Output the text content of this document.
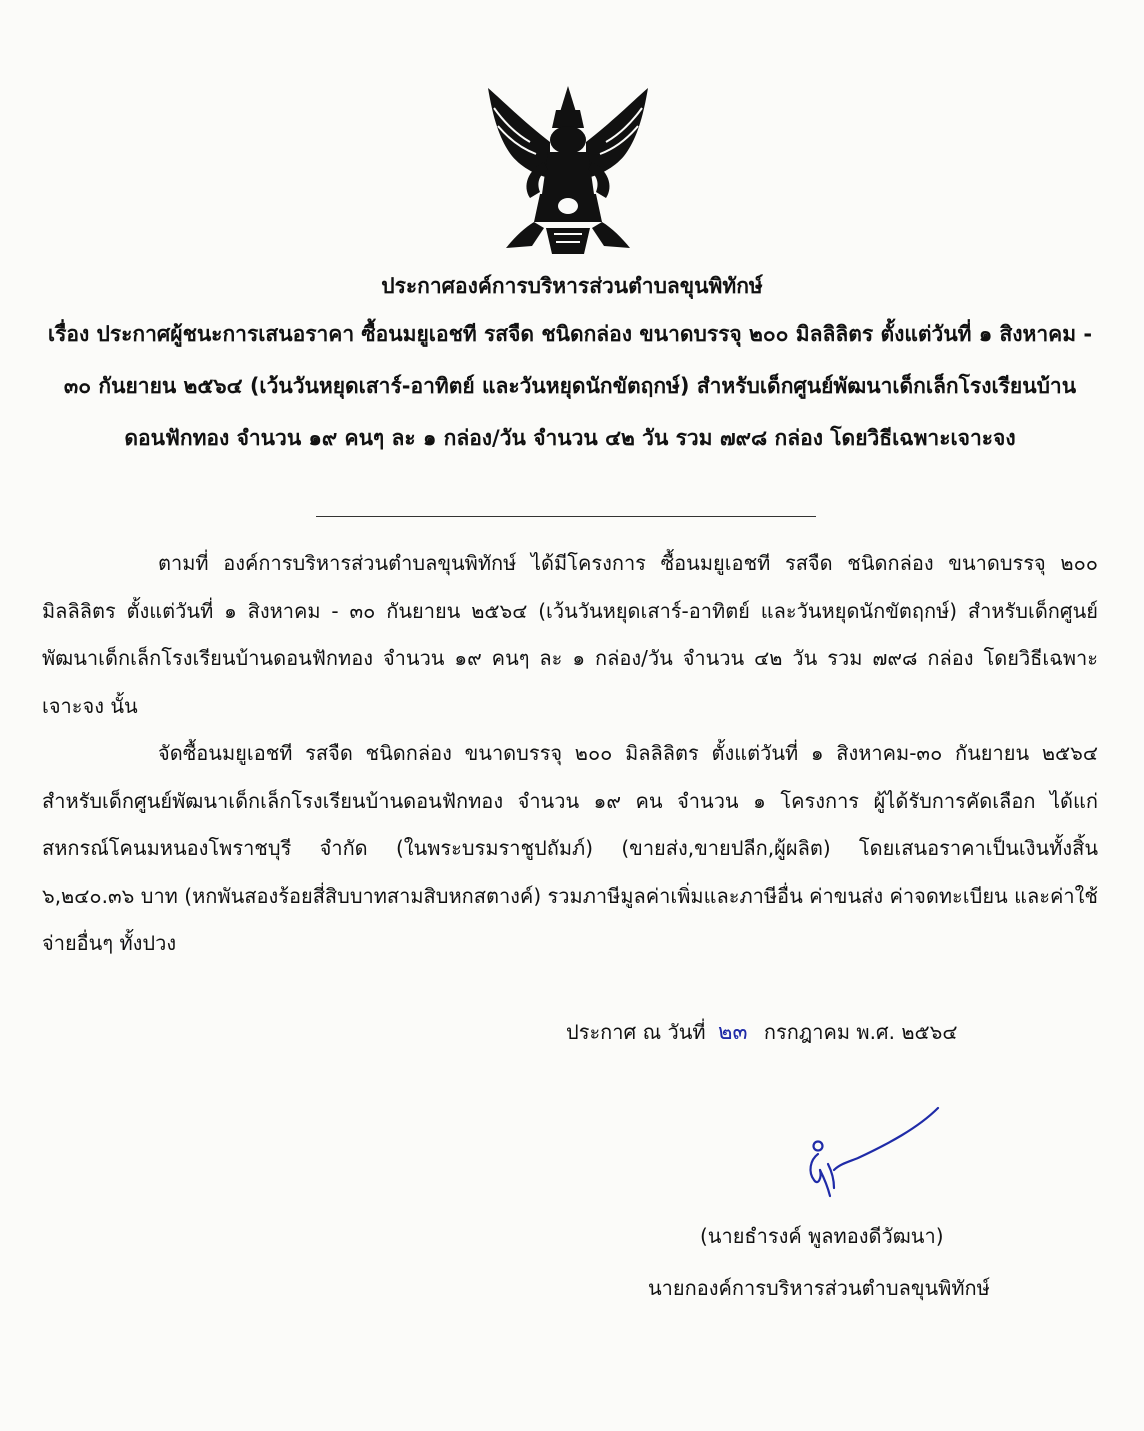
ประกาศองค์การบริหารส่วนตำบลขุนพิทักษ์
เรื่อง ประกาศผู้ชนะการเสนอราคา ซื้อนมยูเอชที รสจืด ชนิดกล่อง ขนาดบรรจุ ๒๐๐ มิลลิลิตร ตั้งแต่วันที่ ๑ สิงหาคม - ๓๐ กันยายน ๒๕๖๔ (เว้นวันหยุดเสาร์-อาทิตย์ และวันหยุดนักขัตฤกษ์) สำหรับเด็กศูนย์พัฒนาเด็กเล็กโรงเรียนบ้านดอนฟักทอง จำนวน ๑๙ คนๆ ละ ๑ กล่อง/วัน จำนวน ๔๒ วัน รวม ๗๙๘ กล่อง โดยวิธีเฉพาะเจาะจง

ตามที่ องค์การบริหารส่วนตำบลขุนพิทักษ์ ได้มีโครงการ ซื้อนมยูเอชที รสจืด ชนิดกล่อง ขนาดบรรจุ ๒๐๐ มิลลิลิตร ตั้งแต่วันที่ ๑ สิงหาคม - ๓๐ กันยายน ๒๕๖๔ (เว้นวันหยุดเสาร์-อาทิตย์ และวันหยุดนักขัตฤกษ์) สำหรับเด็กศูนย์พัฒนาเด็กเล็กโรงเรียนบ้านดอนฟักทอง จำนวน ๑๙ คนๆ ละ ๑ กล่อง/วัน จำนวน ๔๒ วัน รวม ๗๙๘ กล่อง โดยวิธีเฉพาะเจาะจง นั้น

จัดซื้อนมยูเอชที รสจืด ชนิดกล่อง ขนาดบรรจุ ๒๐๐ มิลลิลิตร ตั้งแต่วันที่ ๑ สิงหาคม-๓๐ กันยายน ๒๕๖๔ สำหรับเด็กศูนย์พัฒนาเด็กเล็กโรงเรียนบ้านดอนฟักทอง จำนวน ๑๙ คน จำนวน ๑ โครงการ ผู้ได้รับการคัดเลือก ได้แก่ สหกรณ์โคนมหนองโพราชบุรี จำกัด (ในพระบรมราชูปถัมภ์) (ขายส่ง,ขายปลีก,ผู้ผลิต) โดยเสนอราคาเป็นเงินทั้งสิ้น ๖,๒๔๐.๓๖ บาท (หกพันสองร้อยสี่สิบบาทสามสิบหกสตางค์) รวมภาษีมูลค่าเพิ่มและภาษีอื่น ค่าขนส่ง ค่าจดทะเบียน และค่าใช้จ่ายอื่นๆ ทั้งปวง

ประกาศ ณ วันที่ ๒๓ กรกฎาคม พ.ศ. ๒๕๖๔
(นายธำรงค์ พูลทองดีวัฒนา)
นายกองค์การบริหารส่วนตำบลขุนพิทักษ์
